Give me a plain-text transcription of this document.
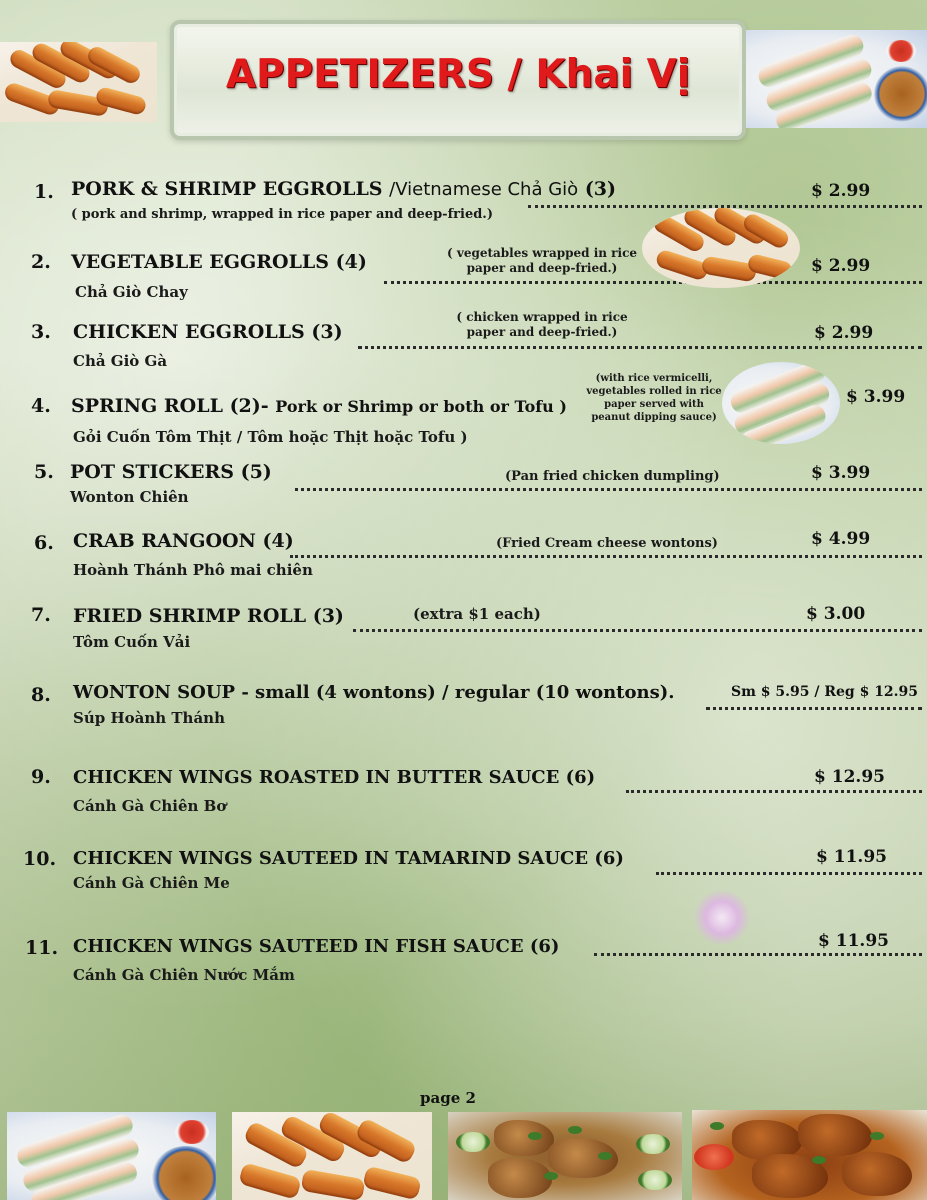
APPETIZERS / Khai Vị
1. PORK & SHRIMP EGGROLLS /Vietnamese Chả Giò (3)
( pork and shrimp, wrapped in rice paper and deep-fried.)
$ 2.99
2. VEGETABLE EGGROLLS (4)
Chả Giò Chay
( vegetables wrapped in rice paper and deep-fried.)	$ 2.99
3. CHICKEN EGGROLLS (3)
Chả Giò Gà
( chicken wrapped in rice paper and deep-fried.)	$ 2.99
4. SPRING ROLL (2)- Pork or Shrimp or both or Tofu )
Gỏi Cuốn Tôm Thịt / Tôm hoặc Thịt hoặc Tofu )
(with rice vermicelli, vegetables rolled in rice paper served with peanut dipping sauce)
$ 3.99
5. POT STICKERS (5)
Wonton Chiên
(Pan fried chicken dumpling)	$ 3.99
6. CRAB RANGOON (4)
Hoành Thánh Phô mai chiên
(Fried Cream cheese wontons)	$ 4.99
7. FRIED SHRIMP ROLL (3)
Tôm Cuốn Vải
(extra $1 each)	$ 3.00
8. WONTON SOUP - small (4 wontons) / regular (10 wontons).
Súp Hoành Thánh
Sm $ 5.95 / Reg $ 12.95
9. CHICKEN WINGS ROASTED IN BUTTER SAUCE (6)
Cánh Gà Chiên Bơ
$ 12.95
10. CHICKEN WINGS SAUTEED IN TAMARIND SAUCE (6)
Cánh Gà Chiên Me
$ 11.95
11. CHICKEN WINGS SAUTEED IN FISH SAUCE (6)
Cánh Gà Chiên Nước Mắm
$ 11.95
page 2
